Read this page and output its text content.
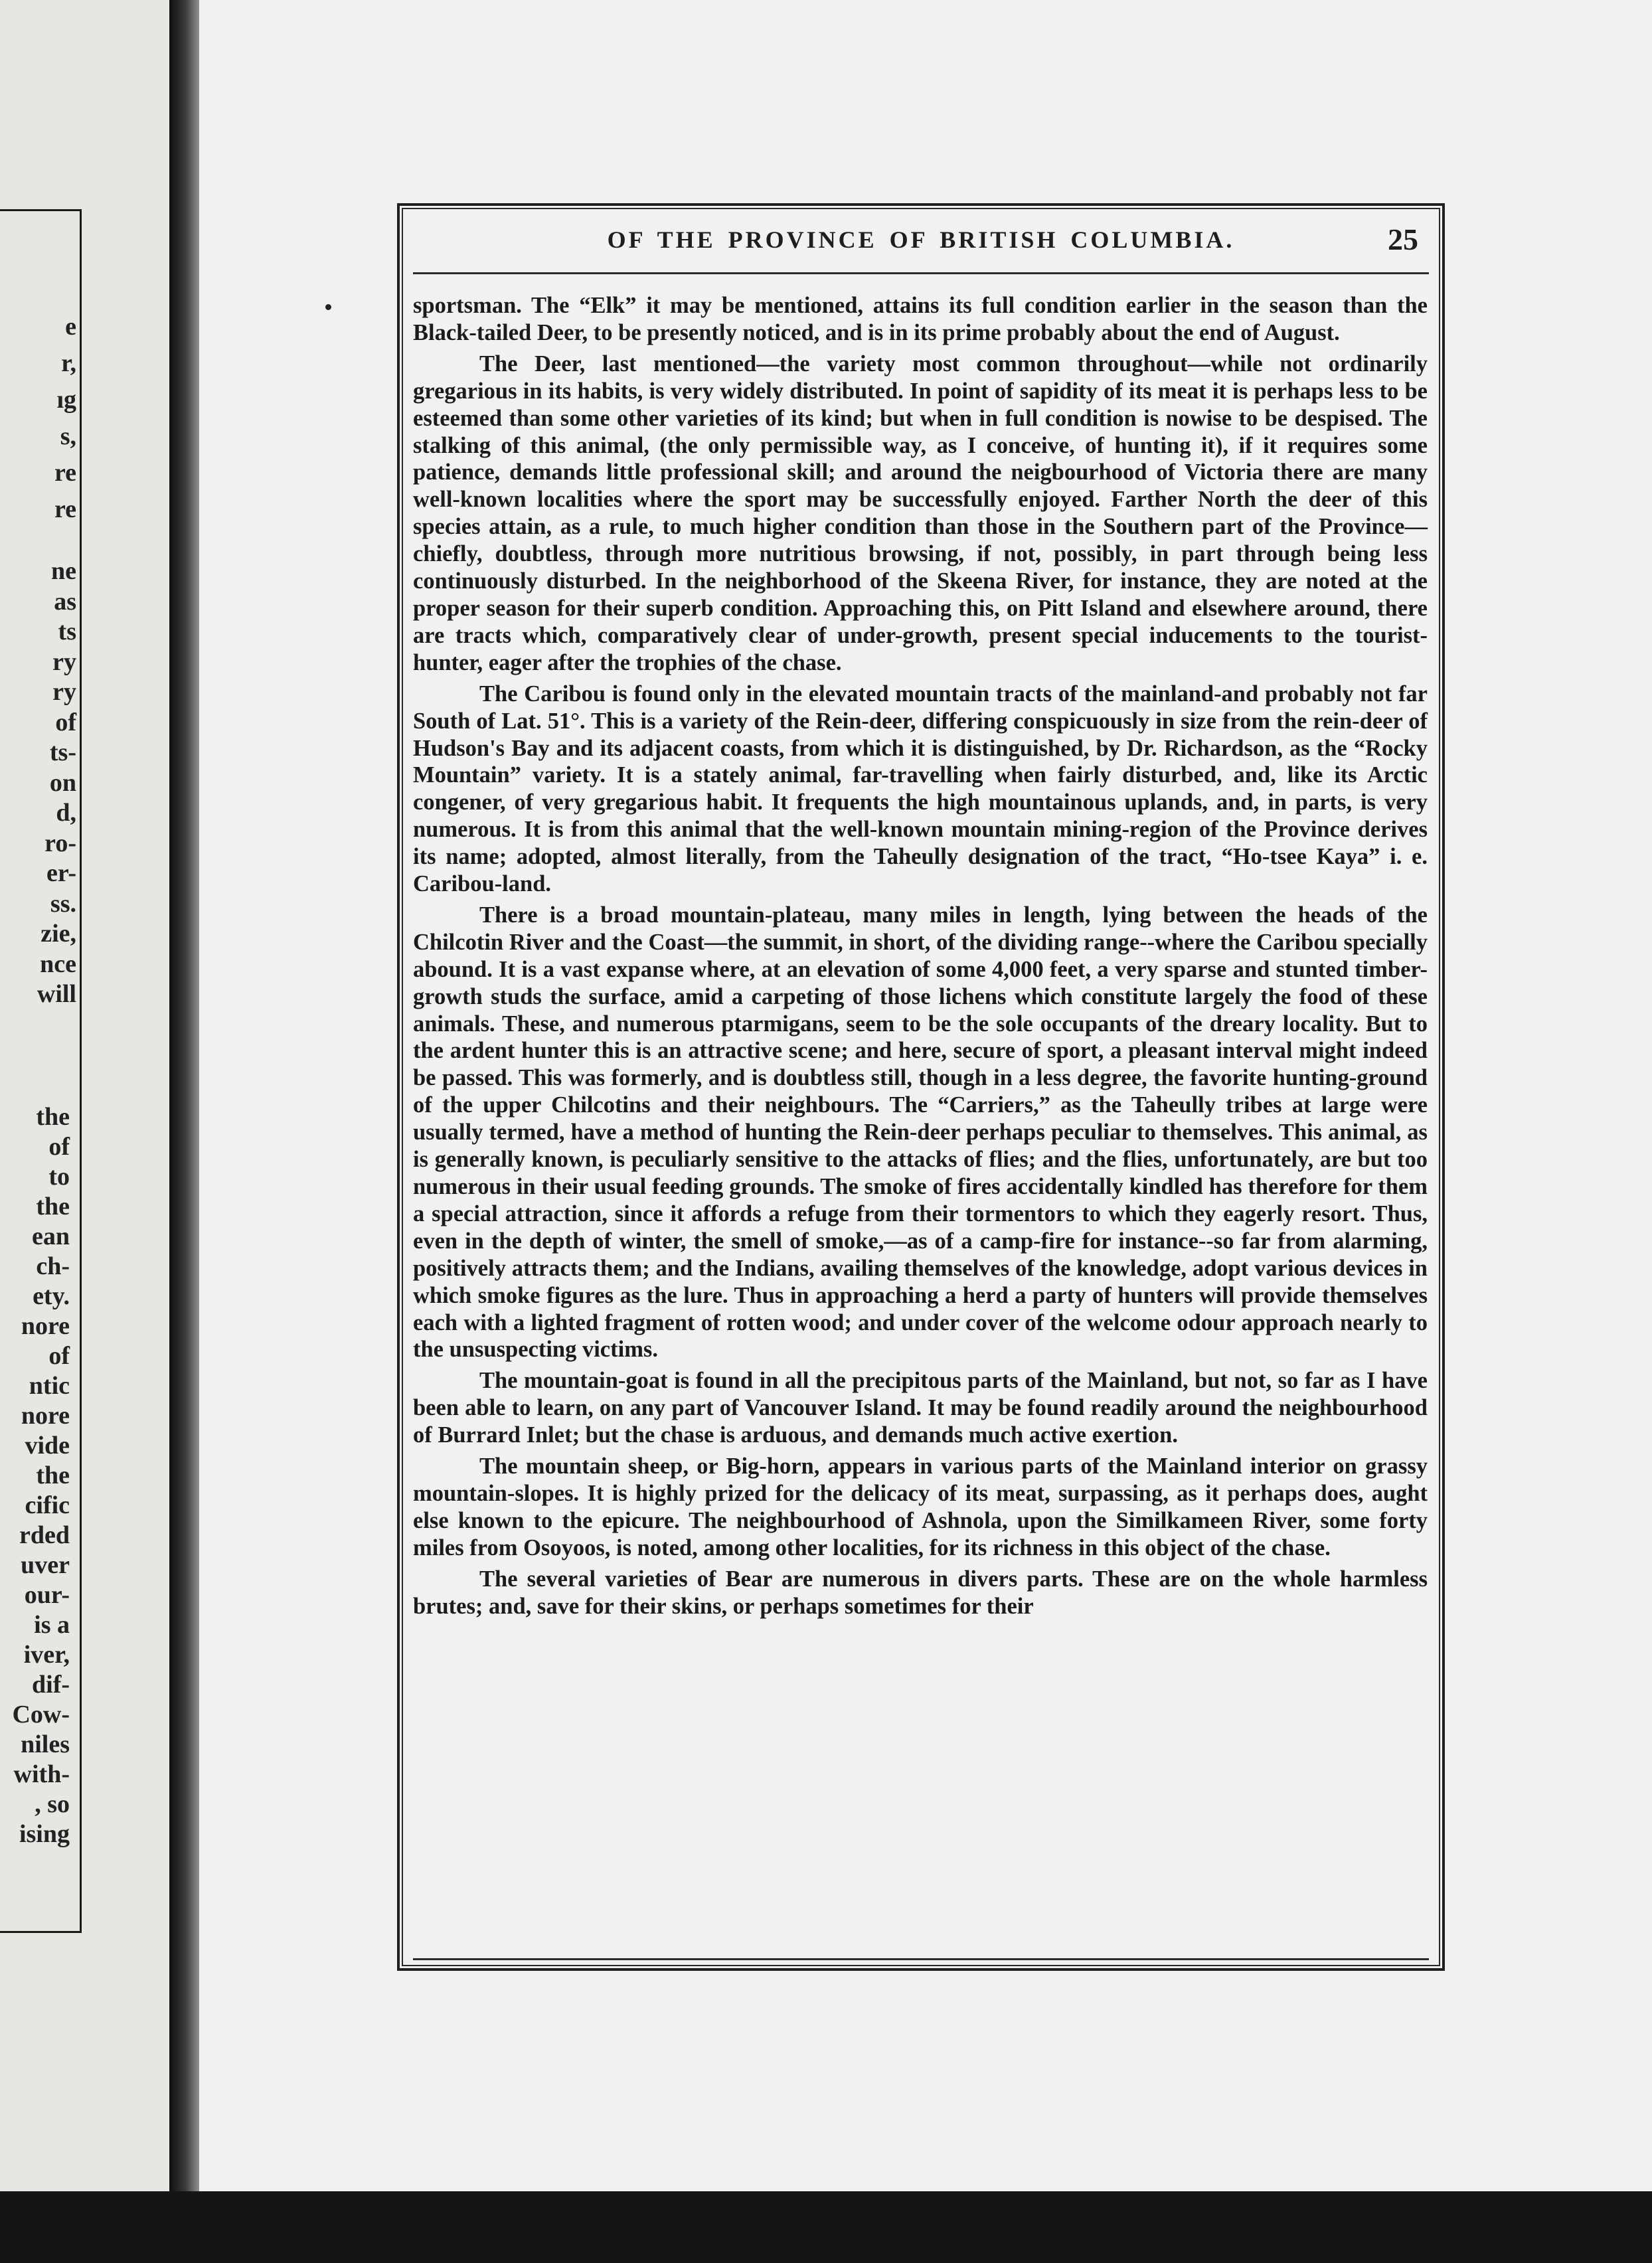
e
r,
ıg
s,
re
re
ne
as
ts
ry
ry
of
ts-
on
d,
ro-
er-
ss.
zie,
nce
will
the
of
to
the
ean
ch-
ety.
nore
of
ntic
nore
vide
the
cific
rded
uver
our-
is a
iver,
dif-
Cow-
niles
with-
, so
ising
OF THE PROVINCE OF BRITISH COLUMBIA.	25

sportsman. The “Elk” it may be mentioned, attains its full condition earlier in the season than the Black-tailed Deer, to be presently noticed, and is in its prime probably about the end of August.

The Deer, last mentioned—the variety most common throughout—while not ordinarily gregarious in its habits, is very widely distributed. In point of sapidity of its meat it is perhaps less to be esteemed than some other varieties of its kind; but when in full condition is nowise to be despised. The stalking of this animal, (the only permissible way, as I conceive, of hunting it), if it requires some patience, demands little professional skill; and around the neigbourhood of Victoria there are many well-known localities where the sport may be successfully enjoyed. Farther North the deer of this species attain, as a rule, to much higher condition than those in the Southern part of the Province—chiefly, doubtless, through more nutritious browsing, if not, possibly, in part through being less continuously disturbed. In the neighborhood of the Skeena River, for instance, they are noted at the proper season for their superb condition. Approaching this, on Pitt Island and elsewhere around, there are tracts which, comparatively clear of under-growth, present special inducements to the tourist-hunter, eager after the trophies of the chase.

The Caribou is found only in the elevated mountain tracts of the mainland-and probably not far South of Lat. 51°. This is a variety of the Rein-deer, differing conspicuously in size from the rein-deer of Hudson's Bay and its adjacent coasts, from which it is distinguished, by Dr. Richardson, as the “Rocky Mountain” variety. It is a stately animal, far-travelling when fairly disturbed, and, like its Arctic congener, of very gregarious habit. It frequents the high mountainous uplands, and, in parts, is very numerous. It is from this animal that the well-known mountain mining-region of the Province derives its name; adopted, almost literally, from the Taheully designation of the tract, “Ho-tsee Kaya” i. e. Caribou-land.

There is a broad mountain-plateau, many miles in length, lying between the heads of the Chilcotin River and the Coast—the summit, in short, of the dividing range--where the Caribou specially abound. It is a vast expanse where, at an elevation of some 4,000 feet, a very sparse and stunted timber-growth studs the surface, amid a carpeting of those lichens which constitute largely the food of these animals. These, and numerous ptarmigans, seem to be the sole occupants of the dreary locality. But to the ardent hunter this is an attractive scene; and here, secure of sport, a pleasant interval might indeed be passed. This was formerly, and is doubtless still, though in a less degree, the favorite hunting-ground of the upper Chilcotins and their neighbours. The “Carriers,” as the Taheully tribes at large were usually termed, have a method of hunting the Rein-deer perhaps peculiar to themselves. This animal, as is generally known, is peculiarly sensitive to the attacks of flies; and the flies, unfortunately, are but too numerous in their usual feeding grounds. The smoke of fires accidentally kindled has therefore for them a special attraction, since it affords a refuge from their tormentors to which they eagerly resort. Thus, even in the depth of winter, the smell of smoke,—as of a camp-fire for instance--so far from alarming, positively attracts them; and the Indians, availing themselves of the knowledge, adopt various devices in which smoke figures as the lure. Thus in approaching a herd a party of hunters will provide themselves each with a lighted fragment of rotten wood; and under cover of the welcome odour approach nearly to the unsuspecting victims.

The mountain-goat is found in all the precipitous parts of the Mainland, but not, so far as I have been able to learn, on any part of Vancouver Island. It may be found readily around the neighbourhood of Burrard Inlet; but the chase is arduous, and demands much active exertion.

The mountain sheep, or Big-horn, appears in various parts of the Mainland interior on grassy mountain-slopes. It is highly prized for the delicacy of its meat, surpassing, as it perhaps does, aught else known to the epicure. The neighbourhood of Ashnola, upon the Similkameen River, some forty miles from Osoyoos, is noted, among other localities, for its richness in this object of the chase.

The several varieties of Bear are numerous in divers parts. These are on the whole harmless brutes; and, save for their skins, or perhaps sometimes for their
